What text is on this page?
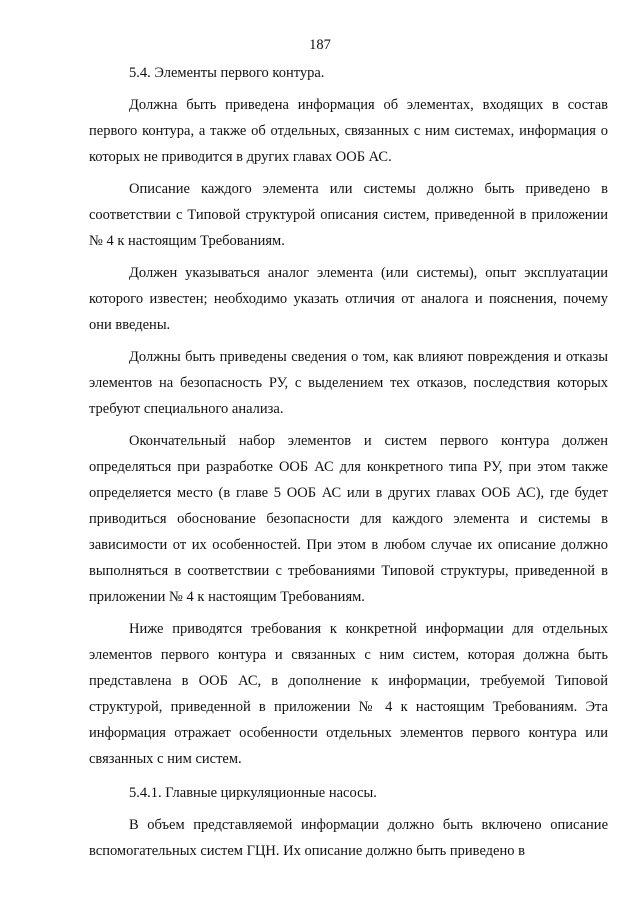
187

5.4. Элементы первого контура.

Должна быть приведена информация об элементах, входящих в состав первого контура, а также об отдельных, связанных с ним системах, информация о которых не приводится в других главах ООБ АС.

Описание каждого элемента или системы должно быть приведено в соответствии с Типовой структурой описания систем, приведенной в приложении № 4 к настоящим Требованиям.

Должен указываться аналог элемента (или системы), опыт эксплуатации которого известен; необходимо указать отличия от аналога и пояснения, почему они введены.

Должны быть приведены сведения о том, как влияют повреждения и отказы элементов на безопасность РУ, с выделением тех отказов, последствия которых требуют специального анализа.

Окончательный набор элементов и систем первого контура должен определяться при разработке ООБ АС для конкретного типа РУ, при этом также определяется место (в главе 5 ООБ АС или в других главах ООБ АС), где будет приводиться обоснование безопасности для каждого элемента и системы в зависимости от их особенностей. При этом в любом случае их описание должно выполняться в соответствии с требованиями Типовой структуры, приведенной в приложении № 4 к настоящим Требованиям.

Ниже приводятся требования к конкретной информации для отдельных элементов первого контура и связанных с ним систем, которая должна быть представлена в ООБ АС, в дополнение к информации, требуемой Типовой структурой, приведенной в приложении № 4 к настоящим Требованиям. Эта информация отражает особенности отдельных элементов первого контура или связанных с ним систем.

5.4.1. Главные циркуляционные насосы.

В объем представляемой информации должно быть включено описание вспомогательных систем ГЦН. Их описание должно быть приведено в
